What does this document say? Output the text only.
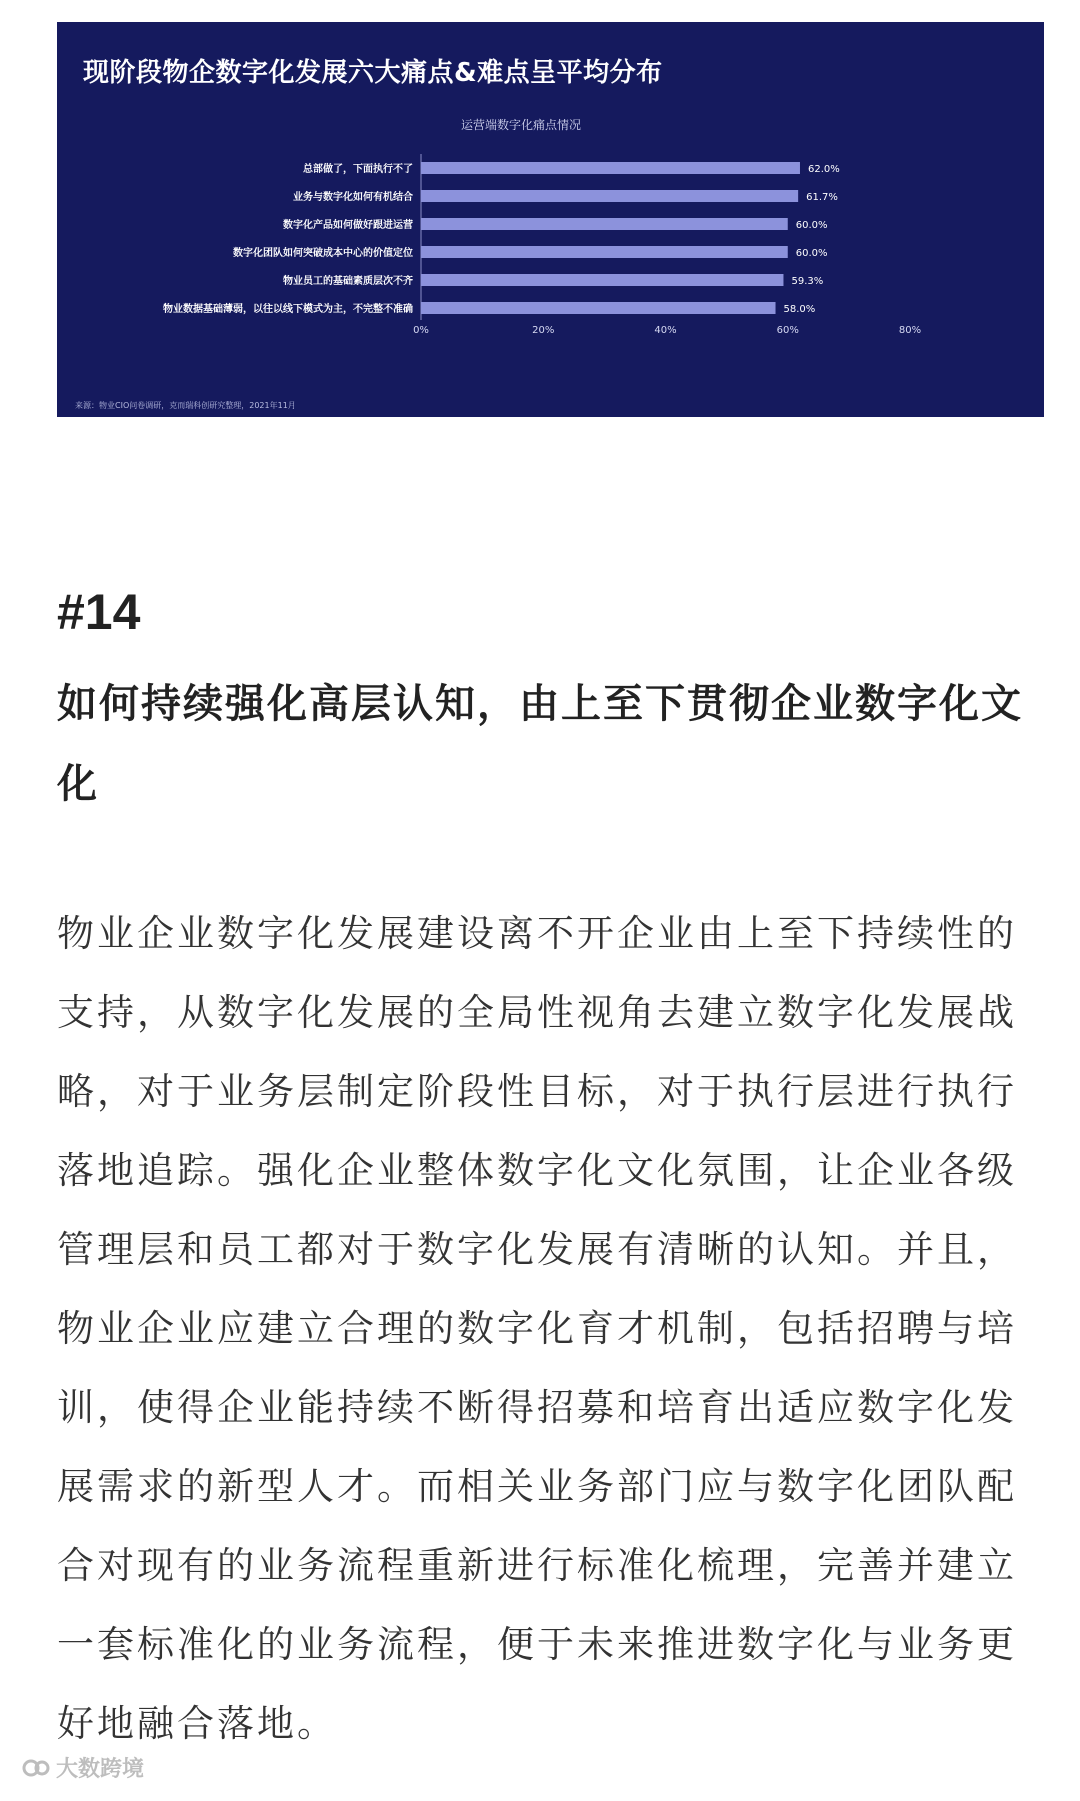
运营端数字化痛点情况
总部做了，下面执行不了	62.0%
业务与数字化如何有机结合	61.7%
数字化产品如何做好跟进运营	60.0%
数字化团队如何突破成本中心的价值定位	60.0%
物业员工的基础素质层次不齐	59.3%
物业数据基础薄弱，以往以线下模式为主，不完整不准确	58.0%
0%	20%	40%	60%	80%
现阶段物企数字化发展六大痛点&难点呈平均分布
来源：物业CIO问卷调研，克而瑞科创研究整理，2021年11月
#14
如何持续强化高层认知，由上至下贯彻企业数字化文化
物业企业数字化发展建设离不开企业由上至下持续性的支持，从数字化发展的全局性视角去建立数字化发展战略，对于业务层制定阶段性目标，对于执行层进行执行落地追踪。强化企业整体数字化文化氛围，让企业各级管理层和员工都对于数字化发展有清晰的认知。并且，物业企业应建立合理的数字化育才机制，包括招聘与培训，使得企业能持续不断得招募和培育出适应数字化发展需求的新型人才。而相关业务部门应与数字化团队配合对现有的业务流程重新进行标准化梳理，完善并建立一套标准化的业务流程，便于未来推进数字化与业务更好地融合落地。
大数跨境
